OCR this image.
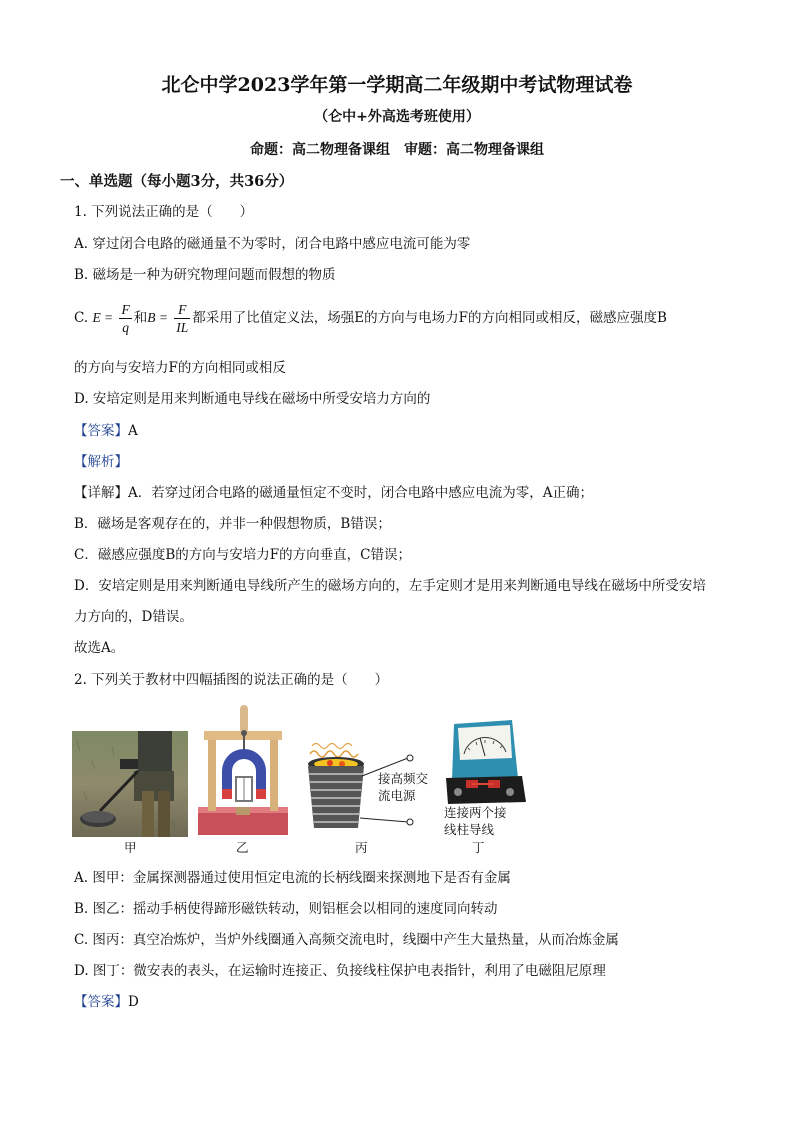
北仑中学2023学年第一学期高二年级期中考试物理试卷
（仑中+外高选考班使用）
命题：高二物理备课组　审题：高二物理备课组
一、单选题（每小题3分，共36分）
1. 下列说法正确的是（　　）
A. 穿过闭合电路的磁通量不为零时，闭合电路中感应电流可能为零
B. 磁场是一种为研究物理问题而假想的物质
C. $E = \frac{F}{q}$ 和$B = \frac{F}{IL}$ 都采用了比值定义法，场强E的方向与电场力F的方向相同或相反，磁感应强度B
的方向与安培力F的方向相同或相反
D. 安培定则是用来判断通电导线在磁场中所受安培力方向的
【答案】A
【解析】
【详解】A．若穿过闭合电路的磁通量恒定不变时，闭合电路中感应电流为零，A正确；
B．磁场是客观存在的，并非一种假想物质，B错误；
C．磁感应强度B的方向与安培力F的方向垂直，C错误；
D．安培定则是用来判断通电导线所产生的磁场方向的，左手定则才是用来判断通电导线在磁场中所受安培
力方向的，D错误。
故选A。
2. 下列关于教材中四幅插图的说法正确的是（　　）
甲	乙
接高频交
流电源
丙
连接两个接
线柱导线
丁
A. 图甲：金属探测器通过使用恒定电流的长柄线圈来探测地下是否有金属
B. 图乙：摇动手柄使得蹄形磁铁转动，则铝框会以相同的速度同向转动
C. 图丙：真空冶炼炉，当炉外线圈通入高频交流电时，线圈中产生大量热量，从而冶炼金属
D. 图丁：微安表的表头，在运输时连接正、负接线柱保护电表指针，利用了电磁阻尼原理
【答案】D
